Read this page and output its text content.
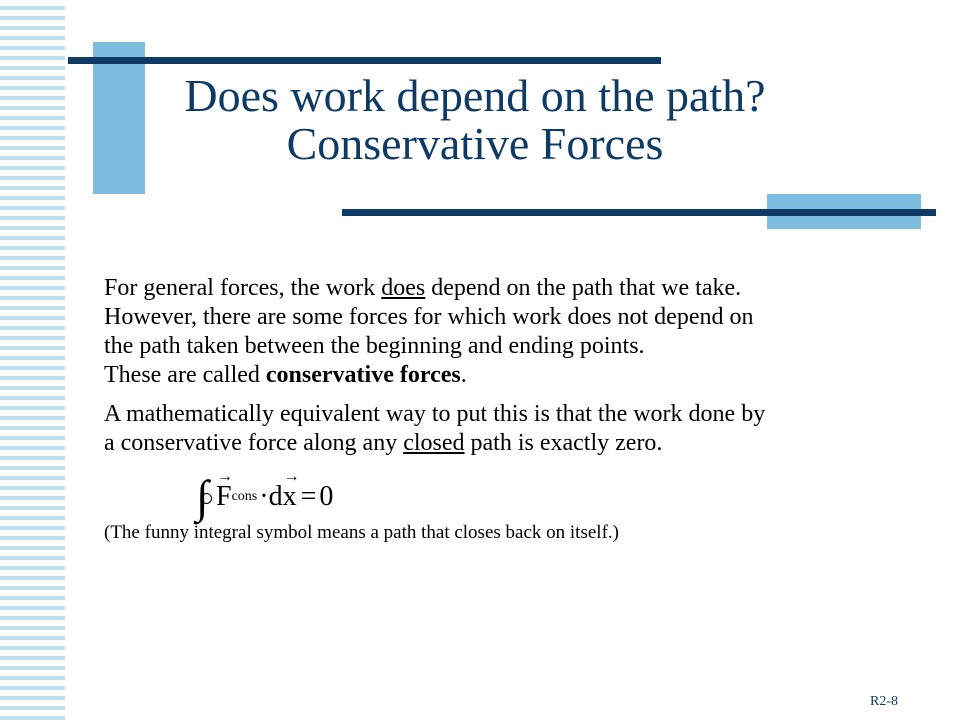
Does work depend on the path?
Conservative Forces

For general forces, the work does depend on the path that we take.

However, there are some forces for which work does not depend on

the path taken between the beginning and ending points.

These are called conservative forces.

A mathematically equivalent way to put this is that the work done by

a conservative force along any closed path is exactly zero.

∫ →
F cons · d
→
x = 0
(The funny integral symbol means a path that closes back on itself.)
R2-8
